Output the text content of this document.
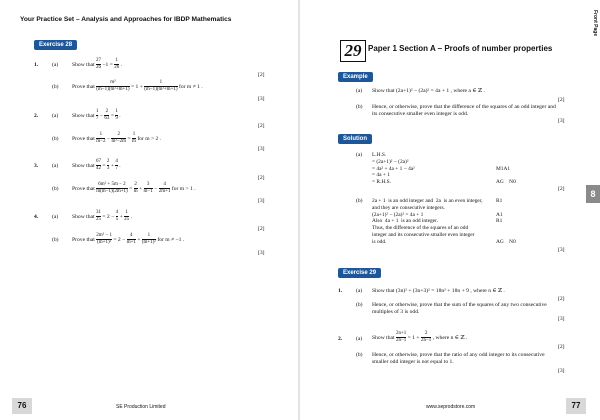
Your Practice Set – Analysis and Approaches for IBDP Mathematics
Exercise 28
1. (a) Show that $\frac{27}{26} -1 = \frac{1}{26}$ .
[2]
(b) Prove that $\frac{\text{m²}}{\text{(m−1)(m²+m+1)}} = 1 + \frac{1}{\text{(m−1)(m²+m+1)}}$ for m ≠ 1 .
[3]
2. (a) Show that $\frac{1}{7} - \frac{2}{63} = \frac{1}{9}$ .
[2]
(b) Prove that $\frac{1}{m-2} - \frac{2}{\text{m²−2m}} = \frac{1}{m}$ for m > 2 .
[3]
3. (a) Show that $\frac{67}{42} = \frac{2}{3} + \frac{4}{7}$ .
[2]
(b) Prove that $\frac{\text{6m² + 5m − 2}}{m(m-1)(2m+1)} = \frac{2}{m} + \frac{3}{m-1} - \frac{4}{2m+1}$ for m > 1 .
[3]
4. (a) Show that $\frac{31}{25} = 2 - \frac{4}{5} + \frac{1}{25}$ .
[2]
(b) Prove that $\frac{\text{2m² − 1}}{\text{(m+1)²}} = 2 - \frac{4}{m+1} + \frac{1}{\text{(m+1)²}}$ for m ≠ −1 .
[3]
76	SE Production Limited
Front Page
29 Paper 1 Section A – Proofs of number properties
Example
(a) Show that (2a+1)² − (2a)² = 4a + 1 , where a ∈ ℤ .
[2]
(b) Hence, or otherwise, prove that the difference of the squares of an odd integer and
its consecutive smaller even integer is odd.
[3]
Solution
(a) L.H.S.
= (2a+1)² − (2a)²
= 4a² + 4a + 1 − 4a²
= 4a + 1
= R.H.S.

M1A1

AG    N0
[2]
(b) 2a + 1  is an odd integer and  2a  is an even integer,
and they are consecutive integers.
(2a+1)² − (2a)² = 4a + 1
Also  4a + 1  is an odd integer.
Thus, the difference of the squares of an odd
integer and its consecutive smaller even integer
is odd.
R1

A1
R1

AG    N0
[3]
8
Exercise 29
1. (a) Show that (3n)² + (3n+3)² = 18n² + 18n + 9 , where n ∈ ℤ .
[2]
(b) Hence, or otherwise, prove that the sum of the squares of any two consecutive
multiples of 3 is odd.
[3]
2. (a) Show that $\frac{2n+1}{2n-1} = 1 + \frac{2}{2n-1}$ , where n ∈ ℤ .
[2]
(b) Hence, or otherwise, prove that the ratio of any odd integer to its consecutive
smaller odd integer is not equal to 1.
[3]
www.seprodstore.com	77
